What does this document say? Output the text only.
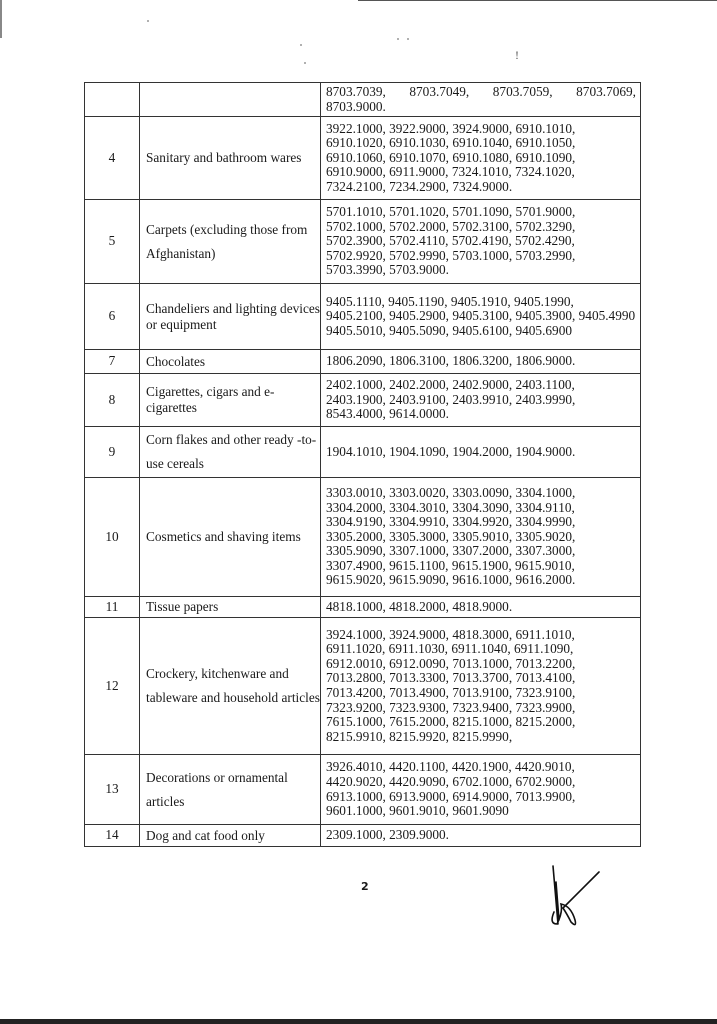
!
		8703.7039, 8703.7049, 8703.7059, 8703.7069, 8703.9000.
4	Sanitary and bathroom wares	3922.1000, 3922.9000, 3924.9000, 6910.1010, 6910.1020, 6910.1030, 6910.1040, 6910.1050, 6910.1060, 6910.1070, 6910.1080, 6910.1090, 6910.9000, 6911.9000, 7324.1010, 7324.1020, 7324.2100, 7234.2900, 7324.9000.
5	Carpets (excluding those from Afghanistan)	5701.1010, 5701.1020, 5701.1090, 5701.9000, 5702.1000, 5702.2000, 5702.3100, 5702.3290, 5702.3900, 5702.4110, 5702.4190, 5702.4290, 5702.9920, 5702.9990, 5703.1000, 5703.2990, 5703.3990, 5703.9000.
6	Chandeliers and lighting devices or equipment	9405.1110, 9405.1190, 9405.1910, 9405.1990, 9405.2100, 9405.2900, 9405.3100, 9405.3900, 9405.4990 9405.5010, 9405.5090, 9405.6100, 9405.6900
7	Chocolates	1806.2090, 1806.3100, 1806.3200, 1806.9000.
8	Cigarettes, cigars and e-cigarettes	2402.1000, 2402.2000, 2402.9000, 2403.1100, 2403.1900, 2403.9100, 2403.9910, 2403.9990, 8543.4000, 9614.0000.
9	Corn flakes and other ready -to-use cereals	1904.1010, 1904.1090, 1904.2000, 1904.9000.
10	Cosmetics and shaving items	3303.0010, 3303.0020, 3303.0090, 3304.1000, 3304.2000, 3304.3010, 3304.3090, 3304.9110, 3304.9190, 3304.9910, 3304.9920, 3304.9990, 3305.2000, 3305.3000, 3305.9010, 3305.9020, 3305.9090, 3307.1000, 3307.2000, 3307.3000, 3307.4900, 9615.1100, 9615.1900, 9615.9010, 9615.9020, 9615.9090, 9616.1000, 9616.2000.
11	Tissue papers	4818.1000, 4818.2000, 4818.9000.
12	Crockery, kitchenware and tableware and household articles	3924.1000, 3924.9000, 4818.3000, 6911.1010, 6911.1020, 6911.1030, 6911.1040, 6911.1090, 6912.0010, 6912.0090, 7013.1000, 7013.2200, 7013.2800, 7013.3300, 7013.3700, 7013.4100, 7013.4200, 7013.4900, 7013.9100, 7323.9100, 7323.9200, 7323.9300, 7323.9400, 7323.9900, 7615.1000, 7615.2000, 8215.1000, 8215.2000, 8215.9910, 8215.9920, 8215.9990,
13	Decorations or ornamental articles	3926.4010, 4420.1100, 4420.1900, 4420.9010, 4420.9020, 4420.9090, 6702.1000, 6702.9000, 6913.1000, 6913.9000, 6914.9000, 7013.9900, 9601.1000, 9601.9010, 9601.9090
14	Dog and cat food only	2309.1000, 2309.9000.
2
